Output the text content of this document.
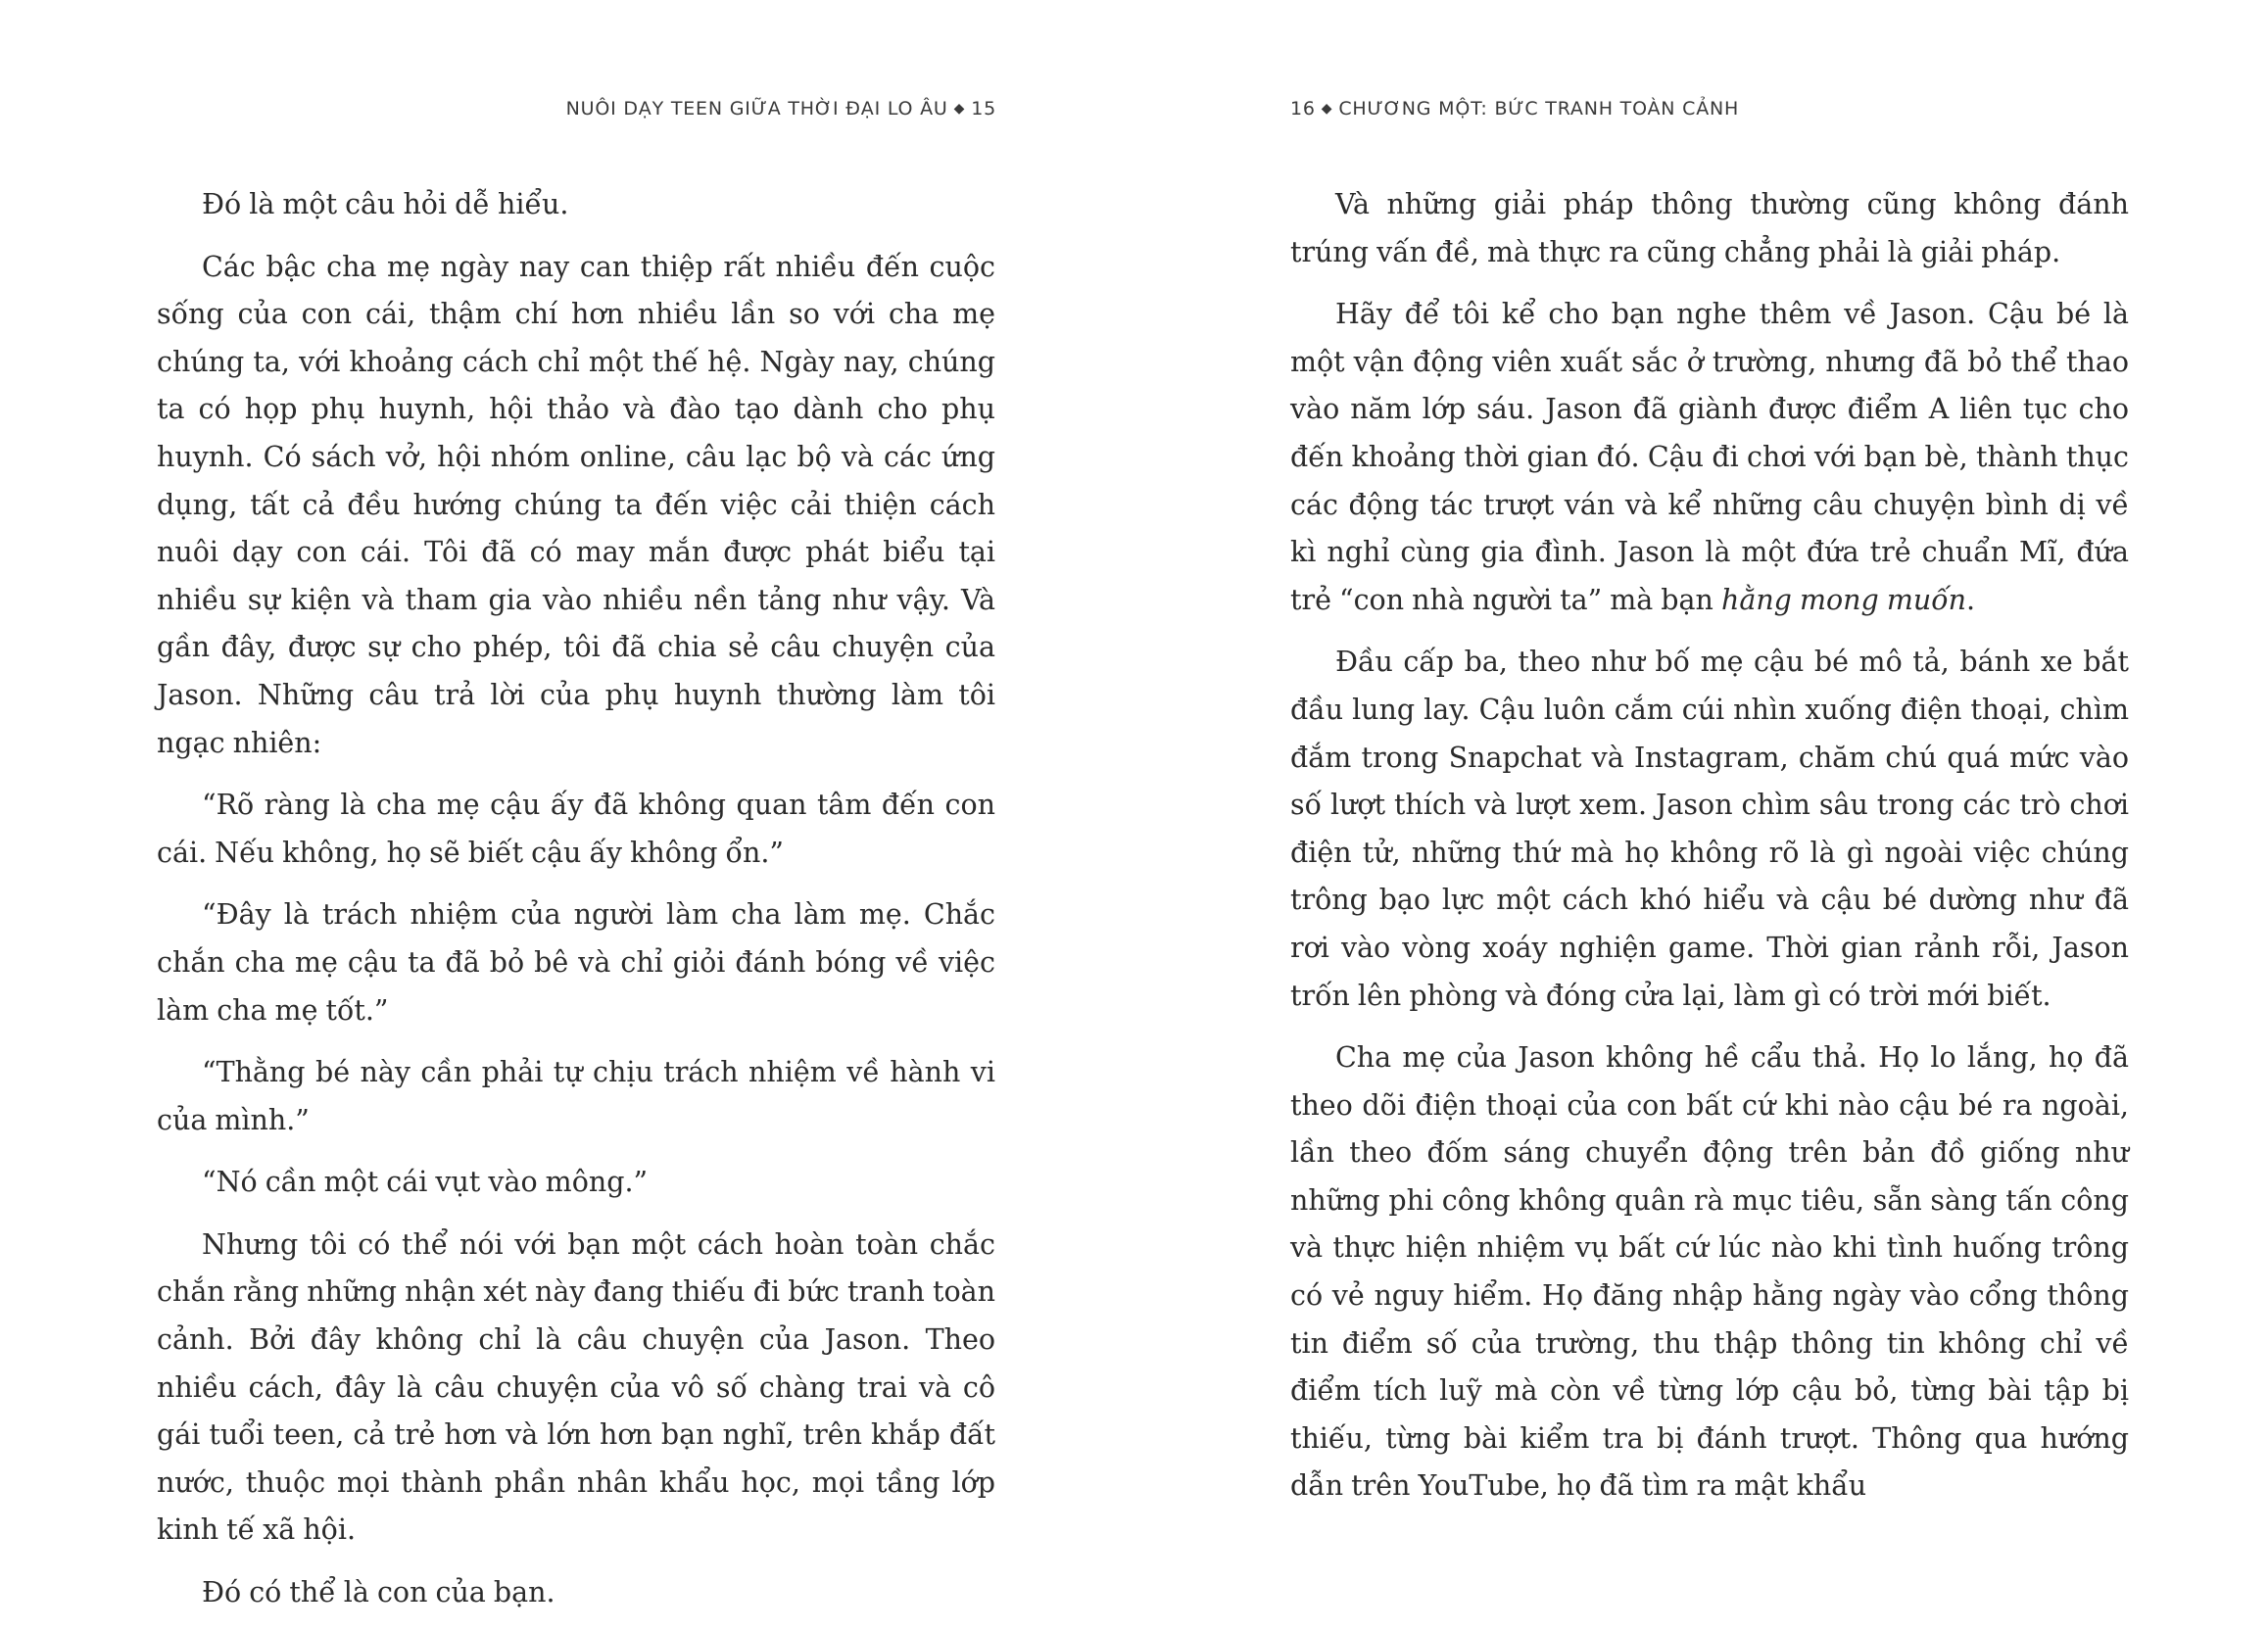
NUÔI DẠY TEEN GIỮA THỜI ĐẠI LO ÂU ◆ 15

Đó là một câu hỏi dễ hiểu.

Các bậc cha mẹ ngày nay can thiệp rất nhiều đến cuộc sống của con cái, thậm chí hơn nhiều lần so với cha mẹ chúng ta, với khoảng cách chỉ một thế hệ. Ngày nay, chúng ta có họp phụ huynh, hội thảo và đào tạo dành cho phụ huynh. Có sách vở, hội nhóm online, câu lạc bộ và các ứng dụng, tất cả đều hướng chúng ta đến việc cải thiện cách nuôi dạy con cái. Tôi đã có may mắn được phát biểu tại nhiều sự kiện và tham gia vào nhiều nền tảng như vậy. Và gần đây, được sự cho phép, tôi đã chia sẻ câu chuyện của Jason. Những câu trả lời của phụ huynh thường làm tôi ngạc nhiên:

“Rõ ràng là cha mẹ cậu ấy đã không quan tâm đến con cái. Nếu không, họ sẽ biết cậu ấy không ổn.”

“Đây là trách nhiệm của người làm cha làm mẹ. Chắc chắn cha mẹ cậu ta đã bỏ bê và chỉ giỏi đánh bóng về việc làm cha mẹ tốt.”

“Thằng bé này cần phải tự chịu trách nhiệm về hành vi của mình.”

“Nó cần một cái vụt vào mông.”

Nhưng tôi có thể nói với bạn một cách hoàn toàn chắc chắn rằng những nhận xét này đang thiếu đi bức tranh toàn cảnh. Bởi đây không chỉ là câu chuyện của Jason. Theo nhiều cách, đây là câu chuyện của vô số chàng trai và cô gái tuổi teen, cả trẻ hơn và lớn hơn bạn nghĩ, trên khắp đất nước, thuộc mọi thành phần nhân khẩu học, mọi tầng lớp kinh tế xã hội.

Đó có thể là con của bạn.

16 ◆ CHƯƠNG MỘT: BỨC TRANH TOÀN CẢNH

Và những giải pháp thông thường cũng không đánh trúng vấn đề, mà thực ra cũng chẳng phải là giải pháp.

Hãy để tôi kể cho bạn nghe thêm về Jason. Cậu bé là một vận động viên xuất sắc ở trường, nhưng đã bỏ thể thao vào năm lớp sáu. Jason đã giành được điểm A liên tục cho đến khoảng thời gian đó. Cậu đi chơi với bạn bè, thành thục các động tác trượt ván và kể những câu chuyện bình dị về kì nghỉ cùng gia đình. Jason là một đứa trẻ chuẩn Mĩ, đứa trẻ “con nhà người ta” mà bạn hằng mong muốn.

Đầu cấp ba, theo như bố mẹ cậu bé mô tả, bánh xe bắt đầu lung lay. Cậu luôn cắm cúi nhìn xuống điện thoại, chìm đắm trong Snapchat và Instagram, chăm chú quá mức vào số lượt thích và lượt xem. Jason chìm sâu trong các trò chơi điện tử, những thứ mà họ không rõ là gì ngoài việc chúng trông bạo lực một cách khó hiểu và cậu bé dường như đã rơi vào vòng xoáy nghiện game. Thời gian rảnh rỗi, Jason trốn lên phòng và đóng cửa lại, làm gì có trời mới biết.

Cha mẹ của Jason không hề cẩu thả. Họ lo lắng, họ đã theo dõi điện thoại của con bất cứ khi nào cậu bé ra ngoài, lần theo đốm sáng chuyển động trên bản đồ giống như những phi công không quân rà mục tiêu, sẵn sàng tấn công và thực hiện nhiệm vụ bất cứ lúc nào khi tình huống trông có vẻ nguy hiểm. Họ đăng nhập hằng ngày vào cổng thông tin điểm số của trường, thu thập thông tin không chỉ về điểm tích luỹ mà còn về từng lớp cậu bỏ, từng bài tập bị thiếu, từng bài kiểm tra bị đánh trượt. Thông qua hướng dẫn trên YouTube, họ đã tìm ra mật khẩu
